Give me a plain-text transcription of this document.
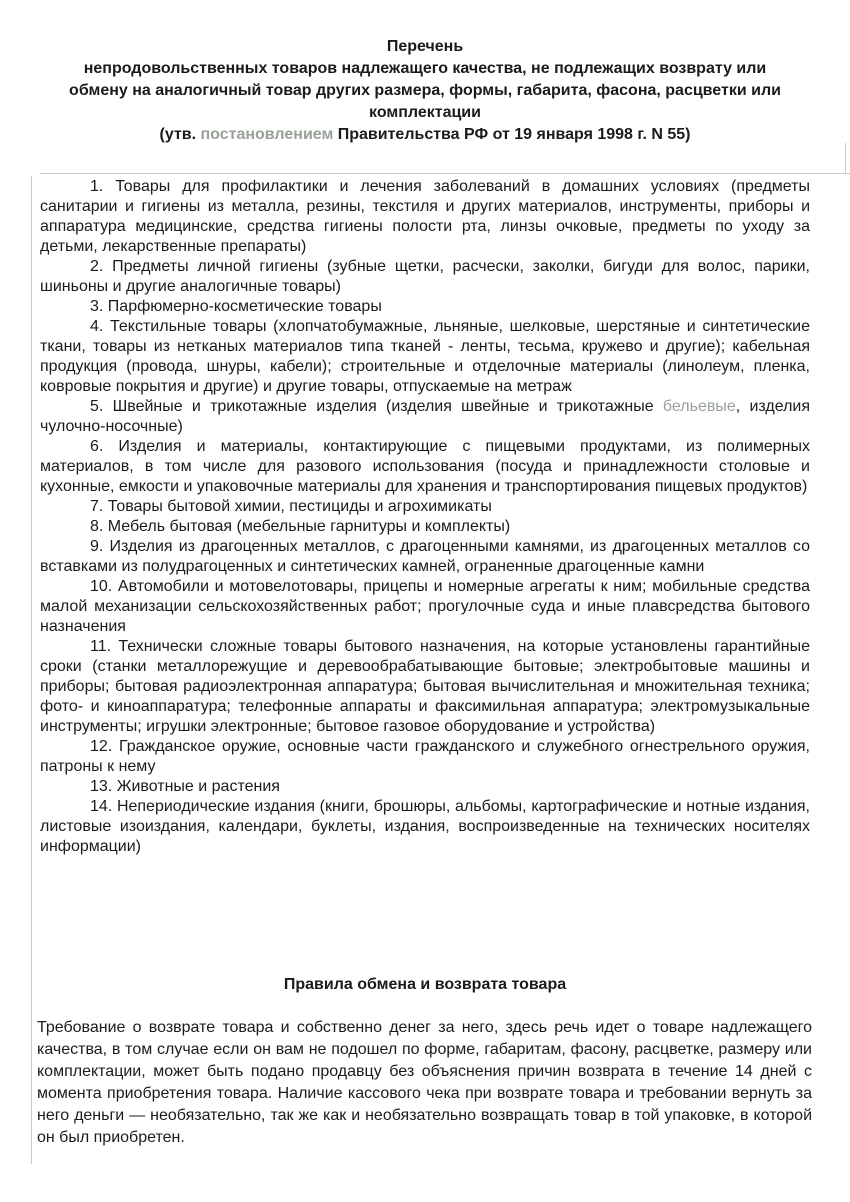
Перечень
непродовольственных товаров надлежащего качества, не подлежащих возврату или
обмену на аналогичный товар других размера, формы, габарита, фасона, расцветки или
комплектации
(утв. постановлением Правительства РФ от 19 января 1998 г. N 55)

1. Товары для профилактики и лечения заболеваний в домашних условиях (предметы санитарии и гигиены из металла, резины, текстиля и других материалов, инструменты, приборы и аппаратура медицинские, средства гигиены полости рта, линзы очковые, предметы по уходу за детьми, лекарственные препараты)

2. Предметы личной гигиены (зубные щетки, расчески, заколки, бигуди для волос, парики, шиньоны и другие аналогичные товары)

3. Парфюмерно-косметические товары

4. Текстильные товары (хлопчатобумажные, льняные, шелковые, шерстяные и синтетические ткани, товары из нетканых материалов типа тканей - ленты, тесьма, кружево и другие); кабельная продукция (провода, шнуры, кабели); строительные и отделочные материалы (линолеум, пленка, ковровые покрытия и другие) и другие товары, отпускаемые на метраж

5. Швейные и трикотажные изделия (изделия швейные и трикотажные бельевые, изделия чулочно-носочные)

6. Изделия и материалы, контактирующие с пищевыми продуктами, из полимерных материалов, в том числе для разового использования (посуда и принадлежности столовые и кухонные, емкости и упаковочные материалы для хранения и транспортирования пищевых продуктов)

7. Товары бытовой химии, пестициды и агрохимикаты

8. Мебель бытовая (мебельные гарнитуры и комплекты)

9. Изделия из драгоценных металлов, с драгоценными камнями, из драгоценных металлов со вставками из полудрагоценных и синтетических камней, ограненные драгоценные камни

10. Автомобили и мотовелотовары, прицепы и номерные агрегаты к ним; мобильные средства малой механизации сельскохозяйственных работ; прогулочные суда и иные плавсредства бытового назначения

11. Технически сложные товары бытового назначения, на которые установлены гарантийные сроки (станки металлорежущие и деревообрабатывающие бытовые; электробытовые машины и приборы; бытовая радиоэлектронная аппаратура; бытовая вычислительная и множительная техника; фото- и киноаппаратура; телефонные аппараты и факсимильная аппаратура; электромузыкальные инструменты; игрушки электронные; бытовое газовое оборудование и устройства)

12. Гражданское оружие, основные части гражданского и служебного огнестрельного оружия, патроны к нему

13. Животные и растения

14. Непериодические издания (книги, брошюры, альбомы, картографические и нотные издания, листовые изоиздания, календари, буклеты, издания, воспроизведенные на технических носителях информации)

Правила обмена и возврата товара

Требование о возврате товара и собственно денег за него, здесь речь идет о товаре надлежащего качества, в том случае если он вам не подошел по форме, габаритам, фасону, расцветке, размеру или комплектации, может быть подано продавцу без объяснения причин возврата в течение 14 дней с момента приобретения товара. Наличие кассового чека при возврате товара и требовании вернуть за него деньги — необязательно, так же как и необязательно возвращать товар в той упаковке, в которой он был приобретен.
